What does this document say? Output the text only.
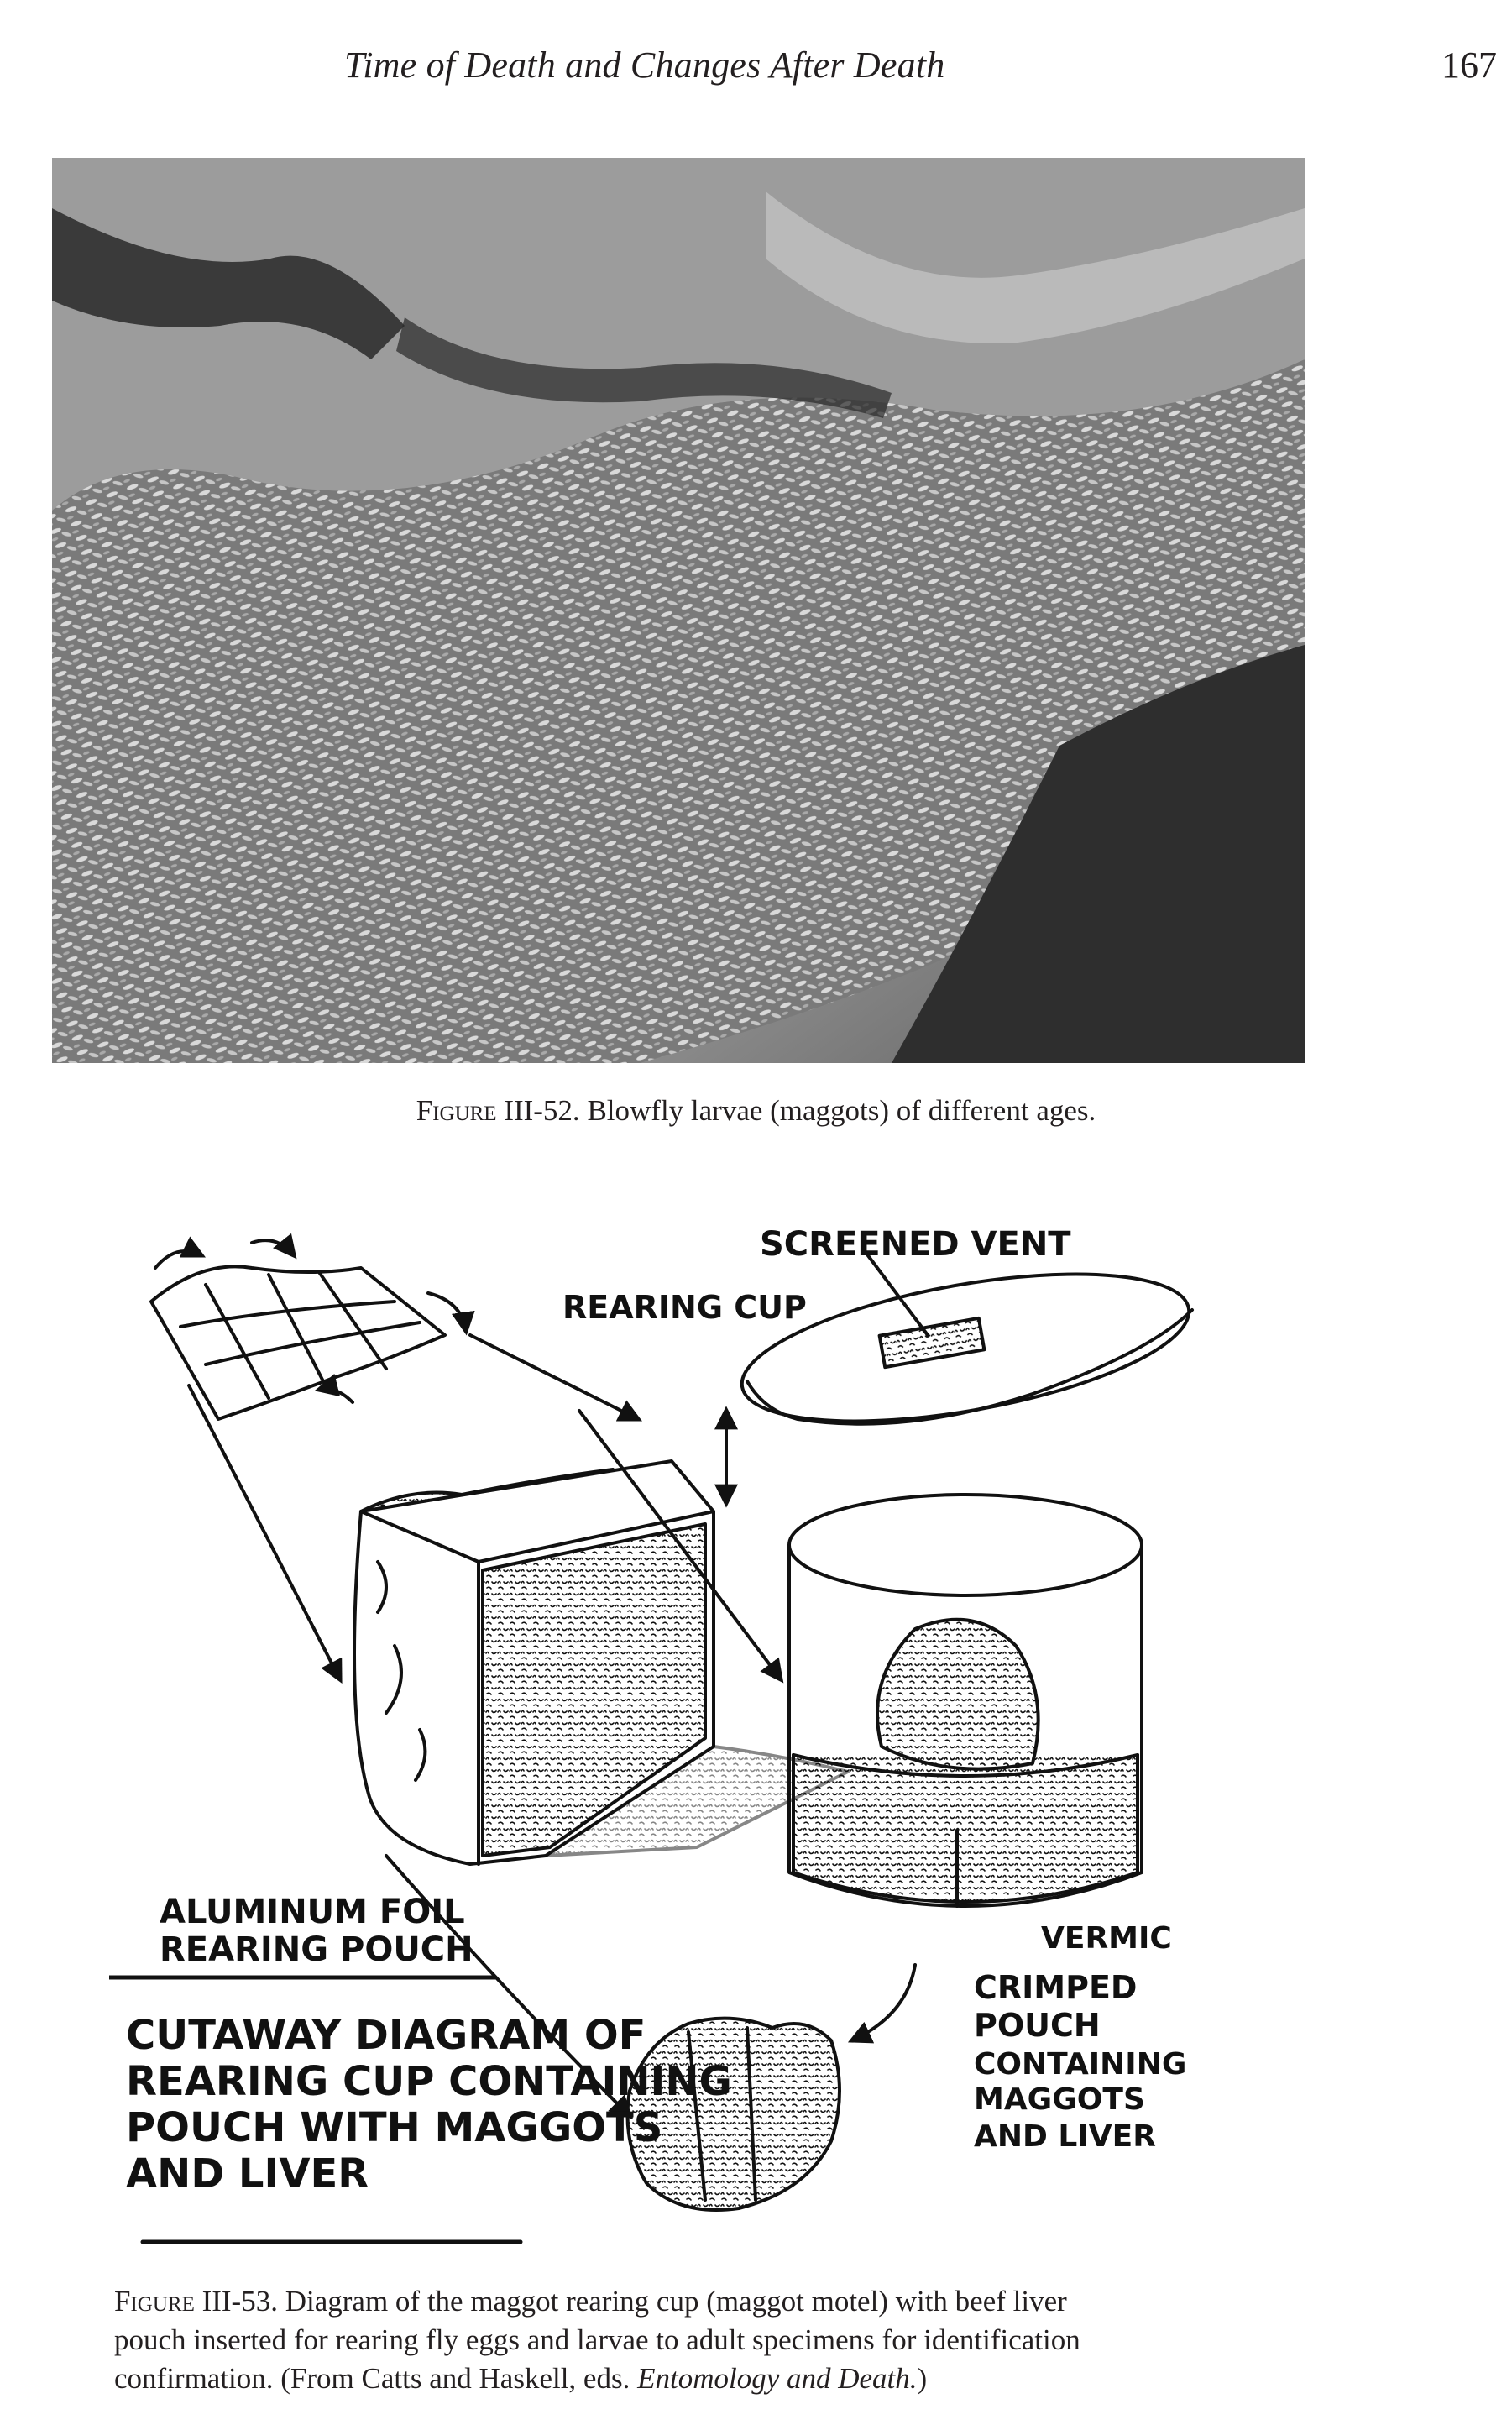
Time of Death and Changes After Death	167
Figure III-52. Blowfly larvae (maggots) of different ages.
SCREENED VENT
REARING CUP
ALUMINUM FOIL
REARING POUCH	VERMIC
CRIMPED
POUCH
CONTAINING
MAGGOTS
AND LIVER
CUTAWAY DIAGRAM OF
REARING CUP CONTAINING
POUCH WITH MAGGOTS
AND LIVER
Figure III-53. Diagram of the maggot rearing cup (maggot motel) with beef liver
pouch inserted for rearing fly eggs and larvae to adult specimens for identification
confirmation. (From Catts and Haskell, eds. Entomology and Death.)
